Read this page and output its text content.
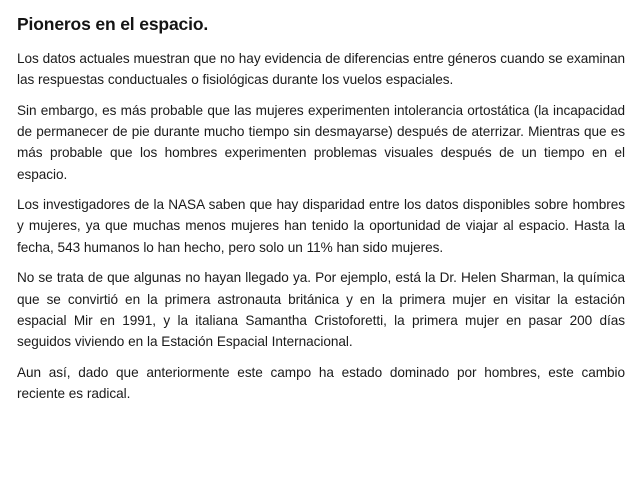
Pioneros en el espacio.

Los datos actuales muestran que no hay evidencia de diferencias entre géneros cuando se examinan las respuestas conductuales o fisiológicas durante los vuelos espaciales.

Sin embargo, es más probable que las mujeres experimenten intolerancia ortostática (la incapacidad de permanecer de pie durante mucho tiempo sin desmayarse) después de aterrizar. Mientras que es más probable que los hombres experimenten problemas visuales después de un tiempo en el espacio.

Los investigadores de la NASA saben que hay disparidad entre los datos disponibles sobre hombres y mujeres, ya que muchas menos mujeres han tenido la oportunidad de viajar al espacio. Hasta la fecha, 543 humanos lo han hecho, pero solo un 11% han sido mujeres.

No se trata de que algunas no hayan llegado ya. Por ejemplo, está la Dr. Helen Sharman, la química que se convirtió en la primera astronauta británica y en la primera mujer en visitar la estación espacial Mir en 1991, y la italiana Samantha Cristoforetti, la primera mujer en pasar 200 días seguidos viviendo en la Estación Espacial Internacional.

Aun así, dado que anteriormente este campo ha estado dominado por hombres, este cambio reciente es radical.
